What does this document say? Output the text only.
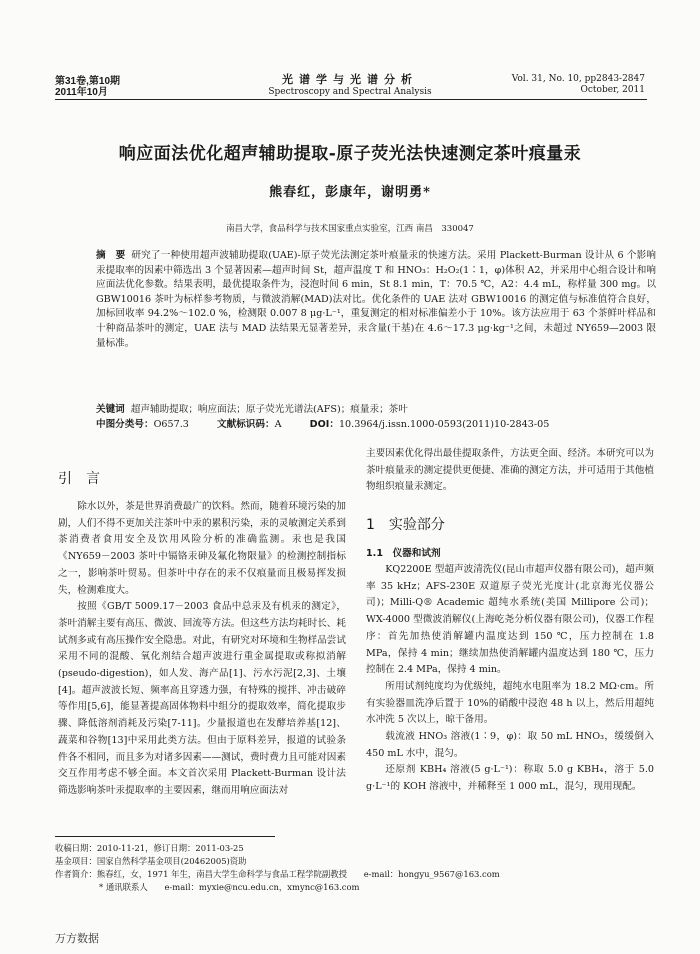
第31卷,第10期
2011年10月
光谱学与光谱分析
Spectroscopy and Spectral Analysis
Vol. 31, No. 10, pp2843-2847
October, 2011
响应面法优化超声辅助提取-原子荧光法快速测定茶叶痕量汞
熊春红，彭康年，谢明勇*
南昌大学，食品科学与技术国家重点实验室，江西 南昌　330047
摘　要 研究了一种使用超声波辅助提取(UAE)-原子荧光法测定茶叶痕量汞的快速方法。采用 Plackett-Burman 设计从 6 个影响汞提取率的因素中筛选出 3 个显著因素—超声时间 St，超声温度 T 和 HNO₃：H₂O₂(1∶1，φ)体积 A2，并采用中心组合设计和响应面法优化参数。结果表明，最优提取条件为，浸泡时间 6 min，St 8.1 min，T：70.5 ℃，A2：4.4 mL，称样量 300 mg。以 GBW10016 茶叶为标样参考物质，与微波消解(MAD)法对比。优化条件的 UAE 法对 GBW10016 的测定值与标准值符合良好，加标回收率 94.2%～102.0 %，检测限 0.007 8 μg·L⁻¹，重复测定的相对标准偏差小于 10%。该方法应用于 63 个茶鲜叶样品和十种商品茶叶的测定，UAE 法与 MAD 法结果无显著差异，汞含量(干基)在 4.6～17.3 μg·kg⁻¹之间，未超过 NY659—2003 限量标准。
关键词 超声辅助提取；响应面法；原子荧光光谱法(AFS)；痕量汞；茶叶
中图分类号：O657.3	文献标识码：A	DOI：10.3964/j.issn.1000-0593(2011)10-2843-05
引　言

除水以外，茶是世界消费最广的饮料。然而，随着环境污染的加剧，人们不得不更加关注茶叶中汞的累积污染，汞的灵敏测定关系到茶消费者食用安全及饮用风险分析的准确监测。汞也是我国《NY659－2003 茶叶中镉铬汞砷及氟化物限量》的检测控制指标之一，影响茶叶贸易。但茶叶中存在的汞不仅痕量而且极易挥发损失，检测难度大。

按照《GB/T 5009.17－2003 食品中总汞及有机汞的测定》，茶叶消解主要有高压、微波、回流等方法。但这些方法均耗时长、耗试剂多或有高压操作安全隐患。对此，有研究对环境和生物样品尝试采用不同的混酸、氧化剂结合超声波进行重金属提取或称拟消解(pseudo-digestion)，如人发、海产品[1]、污水污泥[2,3]、土壤[4]。超声波波长短、频率高且穿透力强，有特殊的搅拌、冲击破碎等作用[5,6]，能显著提高固体物料中组分的提取效率，简化提取步骤、降低溶剂消耗及污染[7-11]。少量报道也在发酵培养基[12]、蔬菜和谷物[13]中采用此类方法。但由于原料差异，报道的试验条件各不相同，而且多为对诸多因素——测试，费时费力且可能对因素交互作用考虑不够全面。本文首次采用 Plackett-Burman 设计法筛选影响茶叶汞提取率的主要因素，继而用响应面法对

主要因素优化得出最佳提取条件，方法更全面、经济。本研究可以为茶叶痕量汞的测定提供更便捷、准确的测定方法，并可适用于其他植物组织痕量汞测定。

1　实验部分
1.1　仪器和试剂

KQ2200E 型超声波清洗仪(昆山市超声仪器有限公司)，超声频率 35 kHz；AFS-230E 双道原子荧光光度计(北京海光仪器公司)；Milli-Q® Academic 超纯水系统(美国 Millipore 公司)；WX-4000 型微波消解仪(上海屹尧分析仪器有限公司)，仪器工作程序：首先加热使消解罐内温度达到 150 ℃，压力控制在 1.8 MPa，保持 4 min；继续加热使消解罐内温度达到 180 ℃，压力控制在 2.4 MPa，保持 4 min。

所用试剂纯度均为优级纯，超纯水电阻率为 18.2 MΩ·cm。所有实验器皿洗净后置于 10%的硝酸中浸泡 48 h 以上，然后用超纯水冲洗 5 次以上，晾干备用。

载流液 HNO₃ 溶液(1∶9，φ)：取 50 mL HNO₃，缓缓倒入 450 mL 水中，混匀。

还原剂 KBH₄ 溶液(5 g·L⁻¹)：称取 5.0 g KBH₄，溶于 5.0 g·L⁻¹的 KOH 溶液中，并稀释至 1 000 mL，混匀，现用现配。

收稿日期：2010-11-21，修订日期：2011-03-25
基金项目：国家自然科学基金项目(20462005)资助
作者简介：熊春红，女，1971 年生，南昌大学生命科学与食品工程学院副教授　　e-mail：hongyu_9567@163.com
* 通讯联系人　　e-mail：myxie@ncu.edu.cn，xmync@163.com
万方数据
